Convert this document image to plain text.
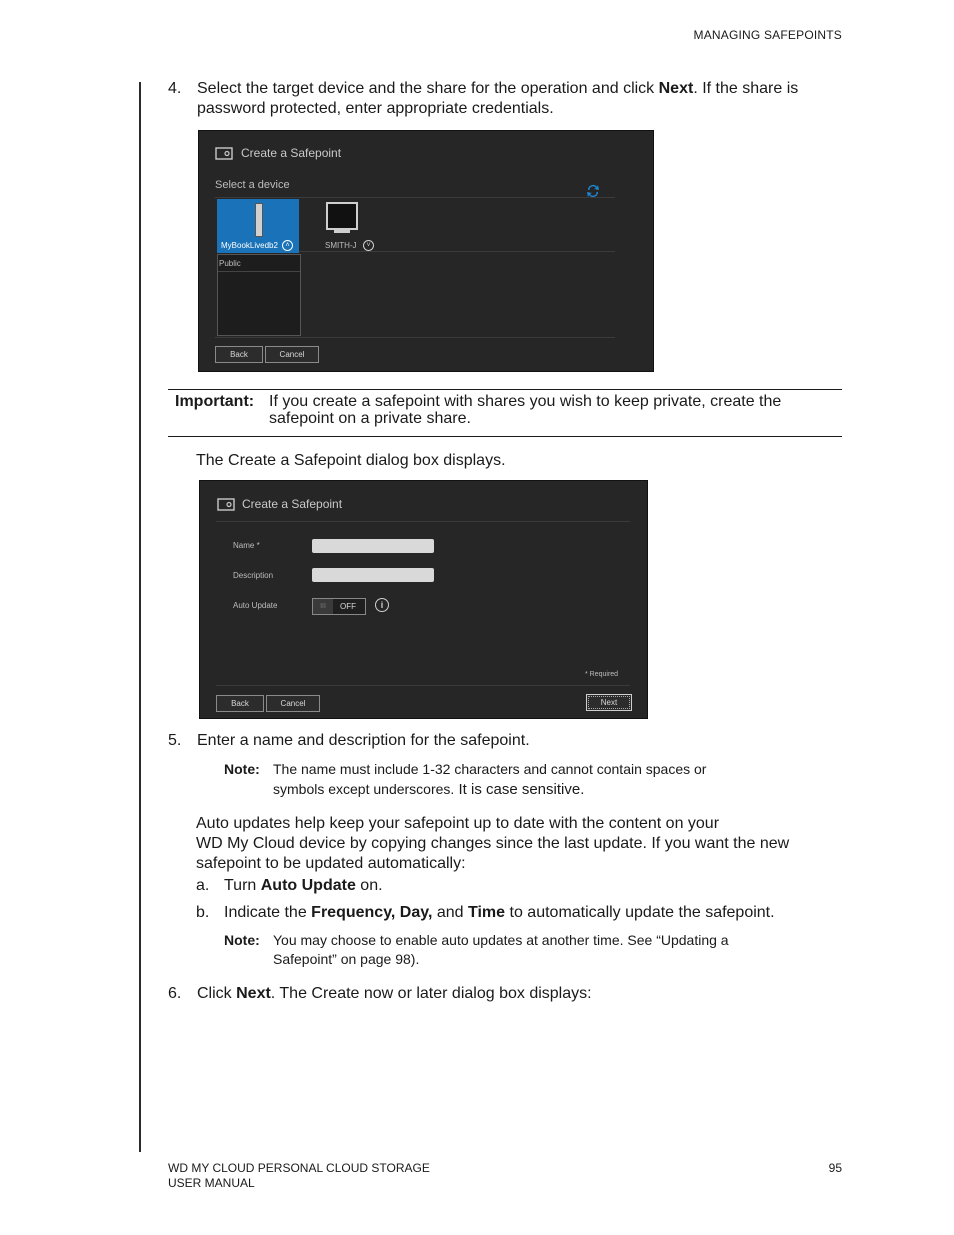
MANAGING SAFEPOINTS
4. Select the target device and the share for the operation and click Next. If the share is
password protected, enter appropriate credentials.
Create a Safepoint
Select a device
MyBookLivedb2	˄
Public
SMITH-J	˅
Back	Cancel
Important: If you create a safepoint with shares you wish to keep private, create the
safepoint on a private share.
The Create a Safepoint dialog box displays.
Create a Safepoint
Name *
Description
Auto Update	III	OFF	i
* Required
Back	Cancel	Next
5. Enter a name and description for the safepoint.
Note: The name must include 1-32 characters and cannot contain spaces or
symbols except underscores. It is case sensitive.
Auto updates help keep your safepoint up to date with the content on your
WD My Cloud device by copying changes since the last update. If you want the new
safepoint to be updated automatically:
a. Turn Auto Update on.
b. Indicate the Frequency, Day, and Time to automatically update the safepoint.
Note: You may choose to enable auto updates at another time. See “Updating a
Safepoint” on page 98).
6. Click Next. The Create now or later dialog box displays:
WD MY CLOUD PERSONAL CLOUD STORAGE
USER MANUAL
95
